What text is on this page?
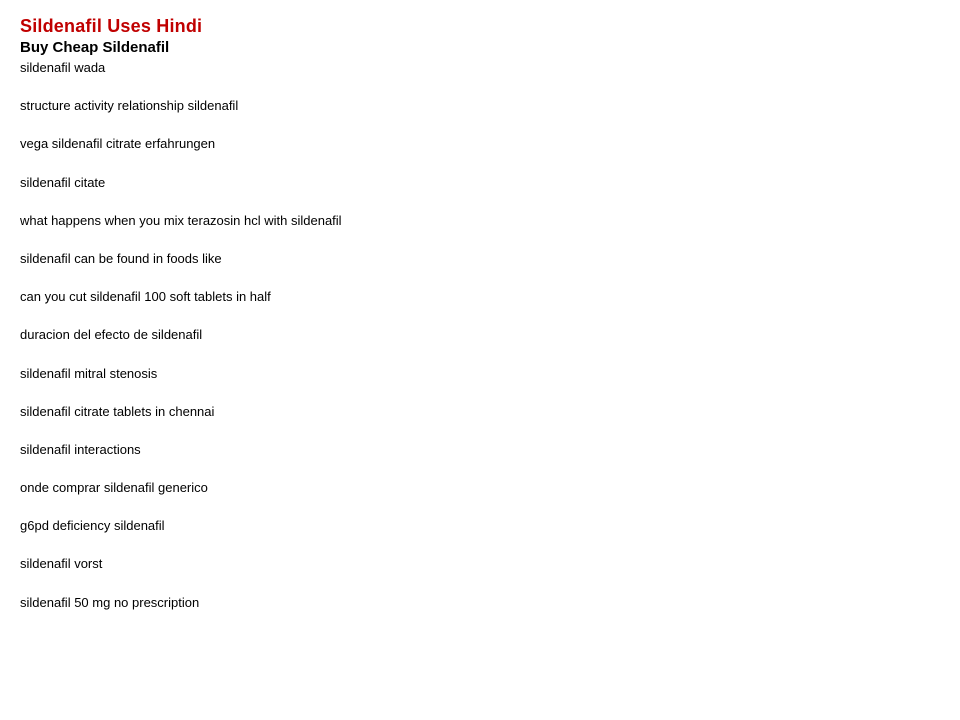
Sildenafil Uses Hindi
Buy Cheap Sildenafil
sildenafil wada
structure activity relationship sildenafil
vega sildenafil citrate erfahrungen
sildenafil citate
what happens when you mix terazosin hcl with sildenafil
sildenafil can be found in foods like
can you cut sildenafil 100 soft tablets in half
duracion del efecto de sildenafil
sildenafil mitral stenosis
sildenafil citrate tablets in chennai
sildenafil interactions
onde comprar sildenafil generico
g6pd deficiency sildenafil
sildenafil vorst
sildenafil 50 mg no prescription
